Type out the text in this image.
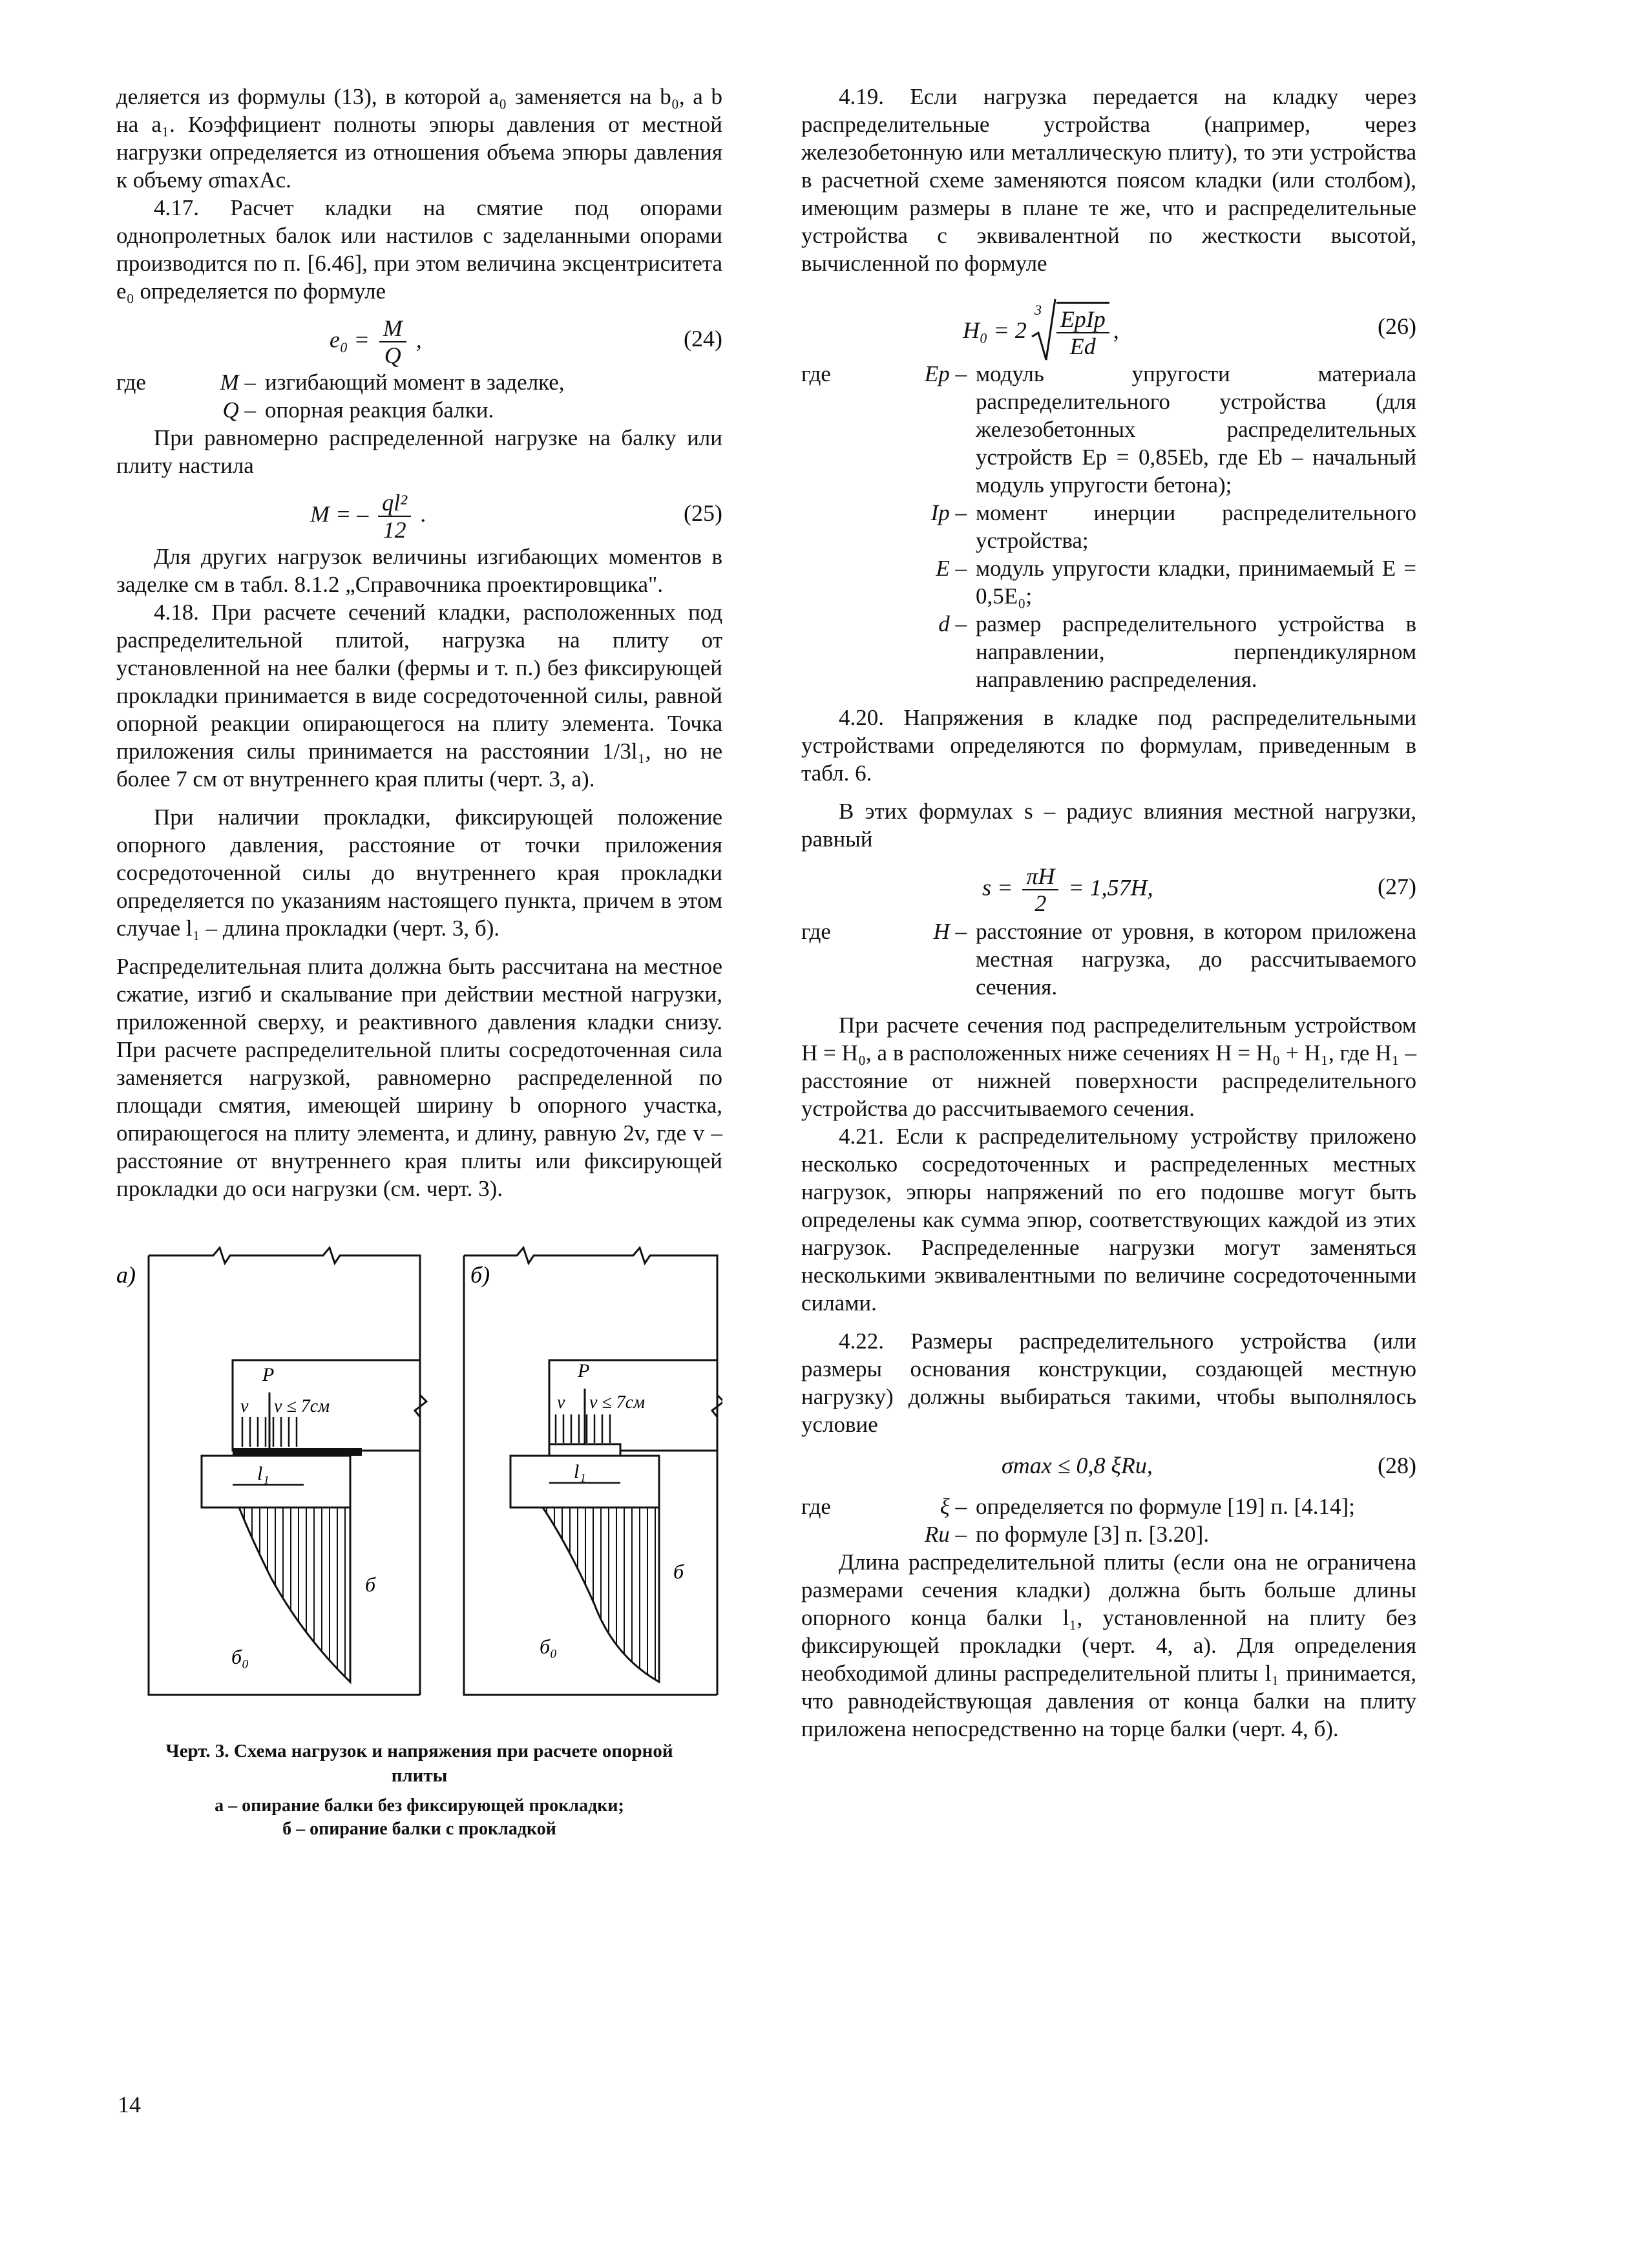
деляется из формулы (13), в которой a₀ заменяется на b₀, а b на a₁. Коэффициент полноты эпюры давления от местной нагрузки определяется из отношения объема эпюры давления к объему σmaxAc.

4.17. Расчет кладки на смятие под опорами однопролетных балок или настилов с заделанными опорами производится по п. [6.46], при этом величина эксцентриситета e₀ определяется по формуле

$e_0 = \frac{M}{Q}$ ,	(24)
где	M – изгибающий момент в заделке,
Q – опорная реакция балки.

При равномерно распределенной нагрузке на балку или плиту настила

M = – $\frac{\text{ql²}}{12}$ .	(25)

Для других нагрузок величины изгибающих моментов в заделке см в табл. 8.1.2 „Справочника проектировщика".

4.18. При расчете сечений кладки, расположенных под распределительной плитой, нагрузка на плиту от установленной на нее балки (фермы и т. п.) без фиксирующей прокладки принимается в виде сосредоточенной силы, равной опорной реакции опирающегося на плиту элемента. Точка приложения силы принимается на расстоянии 1/3l₁, но не более 7 см от внутреннего края плиты (черт. 3, а).

При наличии прокладки, фиксирующей положение опорного давления, расстояние от точки приложения сосредоточенной силы до внутреннего края прокладки определяется по указаниям настоящего пункта, причем в этом случае l₁ – длина прокладки (черт. 3, б).

Распределительная плита должна быть рассчитана на местное сжатие, изгиб и скалывание при действии местной нагрузки, приложенной сверху, и реактивного давления кладки снизу. При расчете распределительной плиты сосредоточенная сила заменяется нагрузкой, равномерно распределенной по площади смятия, имеющей ширину b опорного участка, опирающегося на плиту элемента, и длину, равную 2v, где v – расстояние от внутреннего края плиты или фиксирующей прокладки до оси нагрузки (см. черт. 3).

а)
P
v v ≤ 7см
l₁
б
б₀
б)
P
v v ≤ 7см
l₁
б
б₀
Черт. 3. Схема нагрузок и напряжения при расчете опорной плиты
а – опирание балки без фиксирующей прокладки;
б – опирание балки с прокладкой

4.19. Если нагрузка передается на кладку через распределительные устройства (например, через железобетонную или металлическую плиту), то эти устройства в расчетной схеме заменяются поясом кладки (или столбом), имеющим размеры в плане те же, что и распределительные устройства с эквивалентной по жесткости высотой, вычисленной по формуле

H₀ = 2
$3 \frac{\text{EpIp}}{Ed}$ ,	(26)
где	Ep – модуль упругости материала распределительного устройства (для железобетонных распределительных устройств Ep = 0,85Eb, где Eb – начальный модуль упругости бетона);
Ip – момент инерции распределительного устройства;
E – модуль упругости кладки, принимаемый E = 0,5E₀;
d – размер распределительного устройства в направлении, перпендикулярном направлению распределения.

4.20. Напряжения в кладке под распределительными устройствами определяются по формулам, приведенным в табл. 6.

В этих формулах s – радиус влияния местной нагрузки, равный

$s = \frac{\pi H}{2} = 1,57H$,	(27)
где	H – расстояние от уровня, в котором приложена местная нагрузка, до рассчитываемого сечения.

При расчете сечения под распределительным устройством H = H₀, а в расположенных ниже сечениях H = H₀ + H₁, где H₁ – расстояние от нижней поверхности распределительного устройства до рассчитываемого сечения.

4.21. Если к распределительному устройству приложено несколько сосредоточенных и распределенных местных нагрузок, эпюры напряжений по его подошве могут быть определены как сумма эпюр, соответствующих каждой из этих нагрузок. Распределенные нагрузки могут заменяться несколькими эквивалентными по величине сосредоточенными силами.

4.22. Размеры распределительного устройства (или размеры основания конструкции, создающей местную нагрузку) должны выбираться такими, чтобы выполнялось условие

σmax ≤ 0,8 ξRu,	(28)
где	ξ – определяется по формуле [19] п. [4.14];
Ru – по формуле [3] п. [3.20].

Длина распределительной плиты (если она не ограничена размерами сечения кладки) должна быть больше длины опорного конца балки l₁, установленной на плиту без фиксирующей прокладки (черт. 4, а). Для определения необходимой длины распределительной плиты l₁ принимается, что равнодействующая давления от конца балки на плиту приложена непосредственно на торце балки (черт. 4, б).

14
